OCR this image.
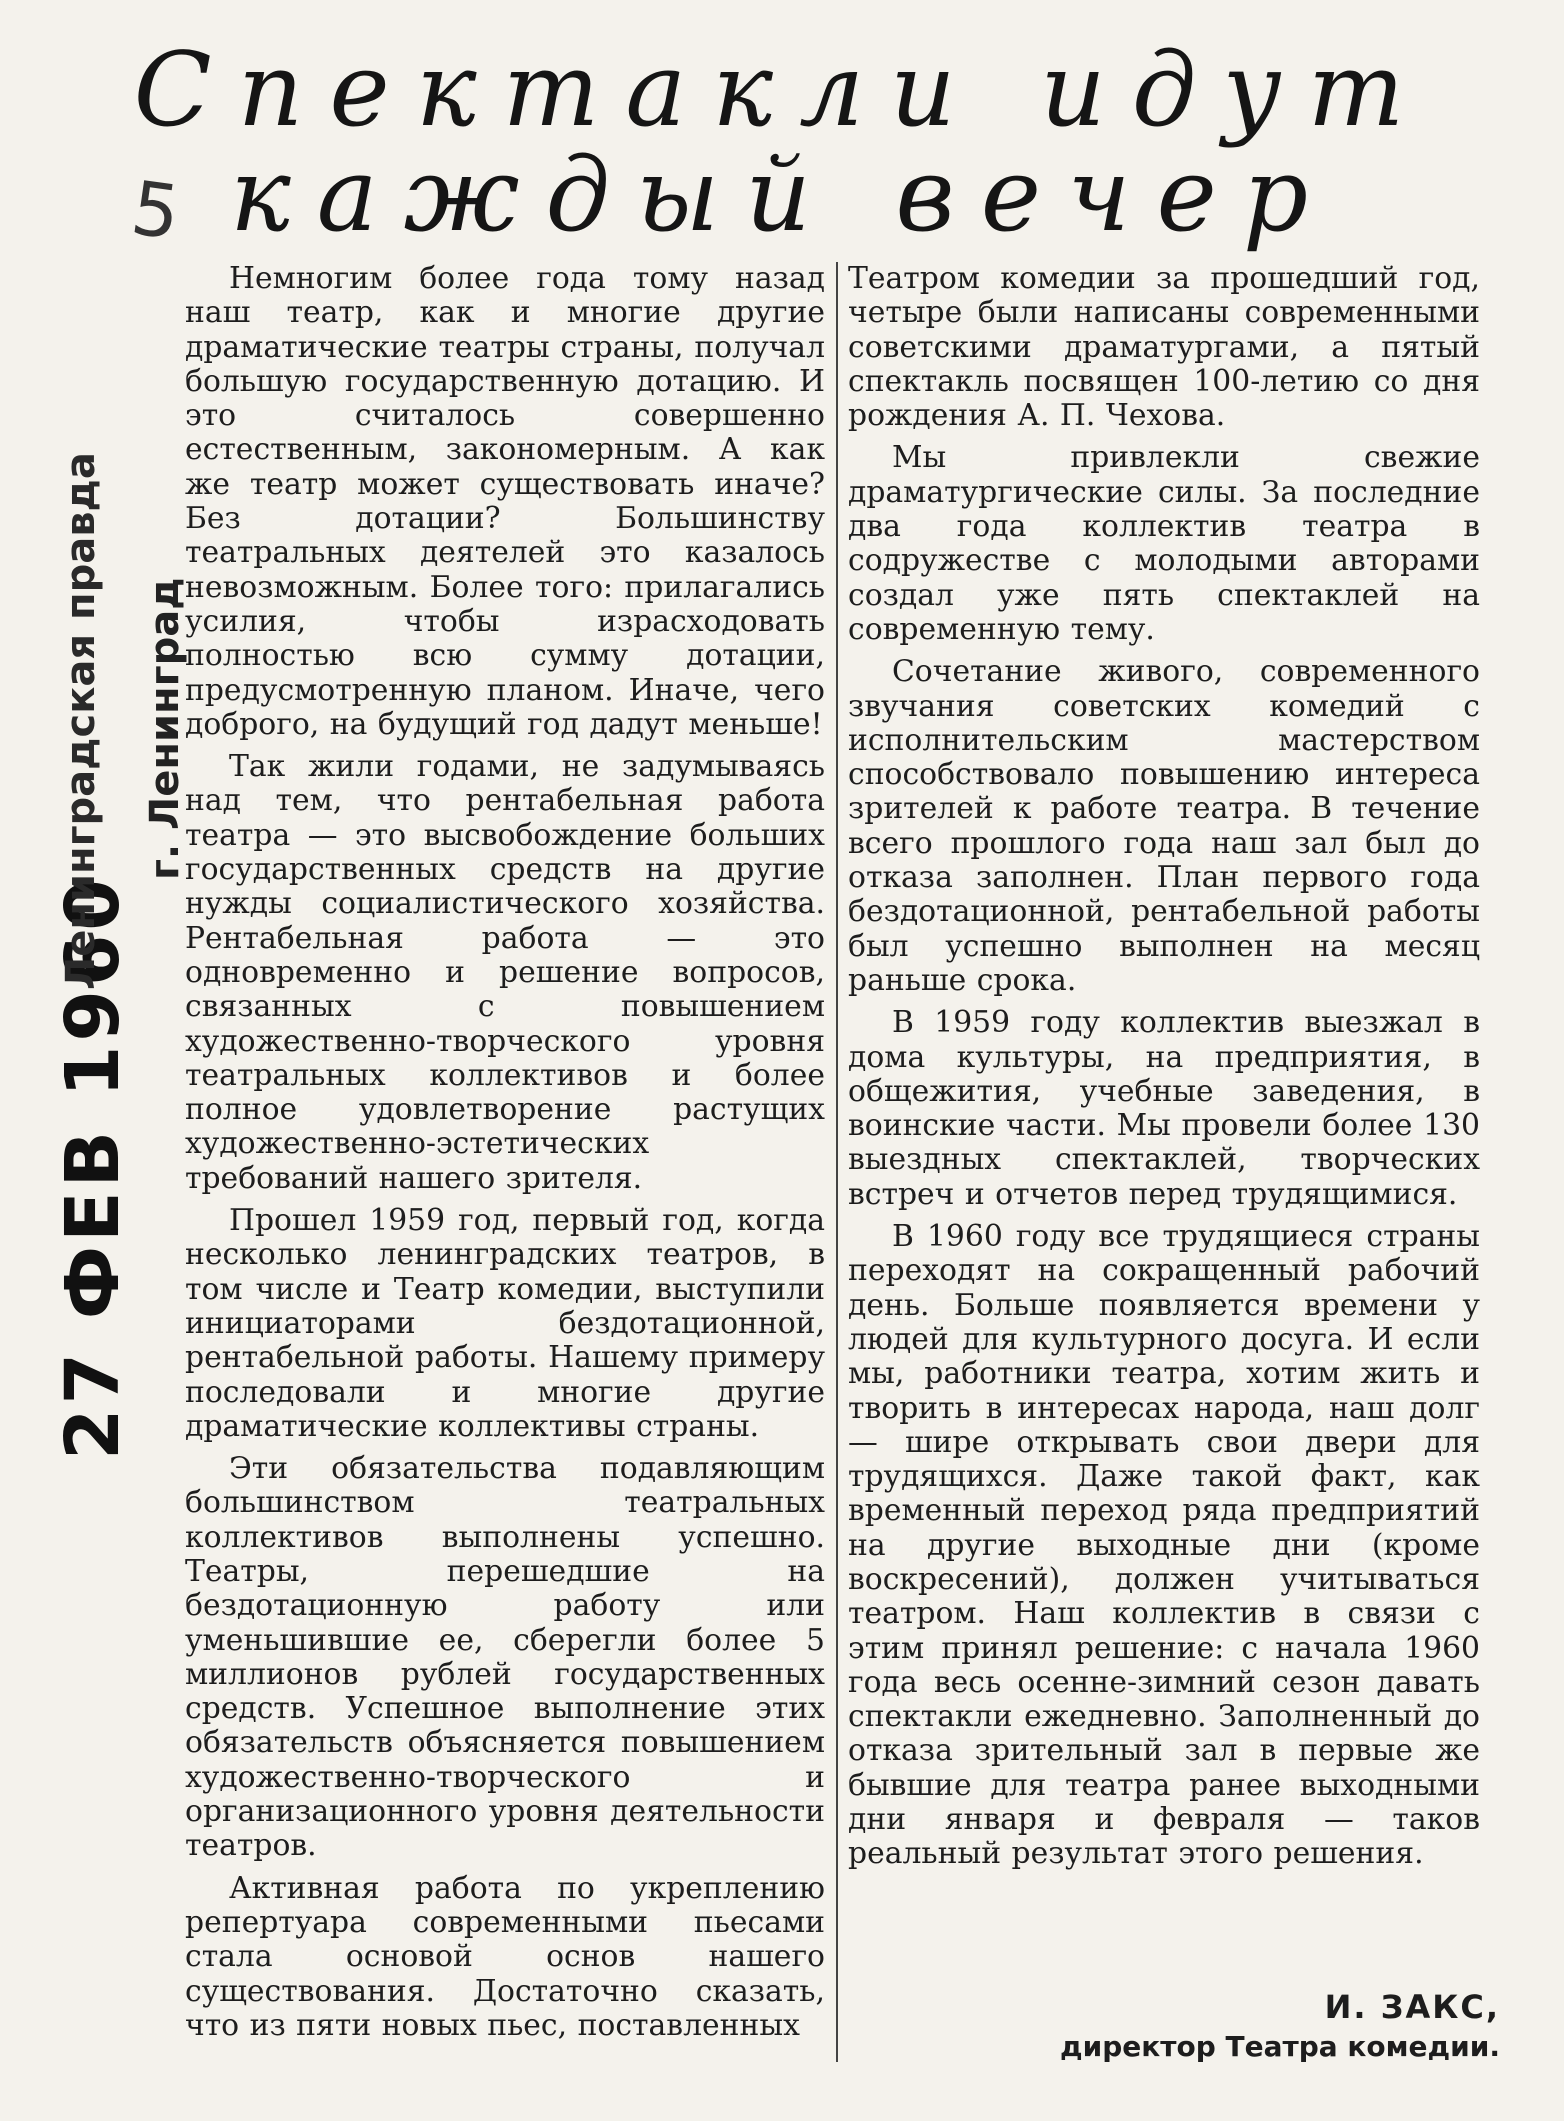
Спектакли идут
каждый вечер
5
27 ФЕВ 1960
Ленинградская правда г. Ленинград

Немногим более года тому назад наш театр, как и многие другие драматические театры страны, получал большую государственную дотацию. И это считалось совершенно естественным, закономерным. А как же театр может существовать иначе? Без дотации? Большинству театральных деятелей это казалось невозможным. Более того: прилагались усилия, чтобы израсходовать полностью всю сумму дотации, предусмотренную планом. Иначе, чего доброго, на будущий год дадут меньше!

Так жили годами, не задумываясь над тем, что рентабельная работа театра — это высвобождение больших государственных средств на другие нужды социалистического хозяйства. Рентабельная работа — это одновременно и решение вопросов, связанных с повышением художественно-творческого уровня театральных коллективов и более полное удовлетворение растущих художественно-эстетических требований нашего зрителя.

Прошел 1959 год, первый год, когда несколько ленинградских театров, в том числе и Театр комедии, выступили инициаторами бездотационной, рентабельной работы. Нашему примеру последовали и многие другие драматические коллективы страны.

Эти обязательства подавляющим большинством театральных коллективов выполнены успешно. Театры, перешедшие на бездотационную работу или уменьшившие ее, сберегли более 5 миллионов рублей государственных средств. Успешное выполнение этих обязательств объясняется повышением художественно-творческого и организационного уровня деятельности театров.

Активная работа по укреплению репертуара современными пьесами стала основой основ нашего существования. Достаточно сказать, что из пяти новых пьес, поставленных

Театром комедии за прошедший год, четыре были написаны современными советскими драматургами, а пятый спектакль посвящен 100-летию со дня рождения А. П. Чехова.

Мы привлекли свежие драматургические силы. За последние два года коллектив театра в содружестве с молодыми авторами создал уже пять спектаклей на современную тему.

Сочетание живого, современного звучания советских комедий с исполнительским мастерством способствовало повышению интереса зрителей к работе театра. В течение всего прошлого года наш зал был до отказа заполнен. План первого года бездотационной, рентабельной работы был успешно выполнен на месяц раньше срока.

В 1959 году коллектив выезжал в дома культуры, на предприятия, в общежития, учебные заведения, в воинские части. Мы провели более 130 выездных спектаклей, творческих встреч и отчетов перед трудящимися.

В 1960 году все трудящиеся страны переходят на сокращенный рабочий день. Больше появляется времени у людей для культурного досуга. И если мы, работники театра, хотим жить и творить в интересах народа, наш долг — шире открывать свои двери для трудящихся. Даже такой факт, как временный переход ряда предприятий на другие выходные дни (кроме воскресений), должен учитываться театром. Наш коллектив в связи с этим принял решение: с начала 1960 года весь осенне-зимний сезон давать спектакли ежедневно. Заполненный до отказа зрительный зал в первые же бывшие для театра ранее выходными дни января и февраля — таков реальный результат этого решения.

И. ЗАКС,
директор Театра комедии.
